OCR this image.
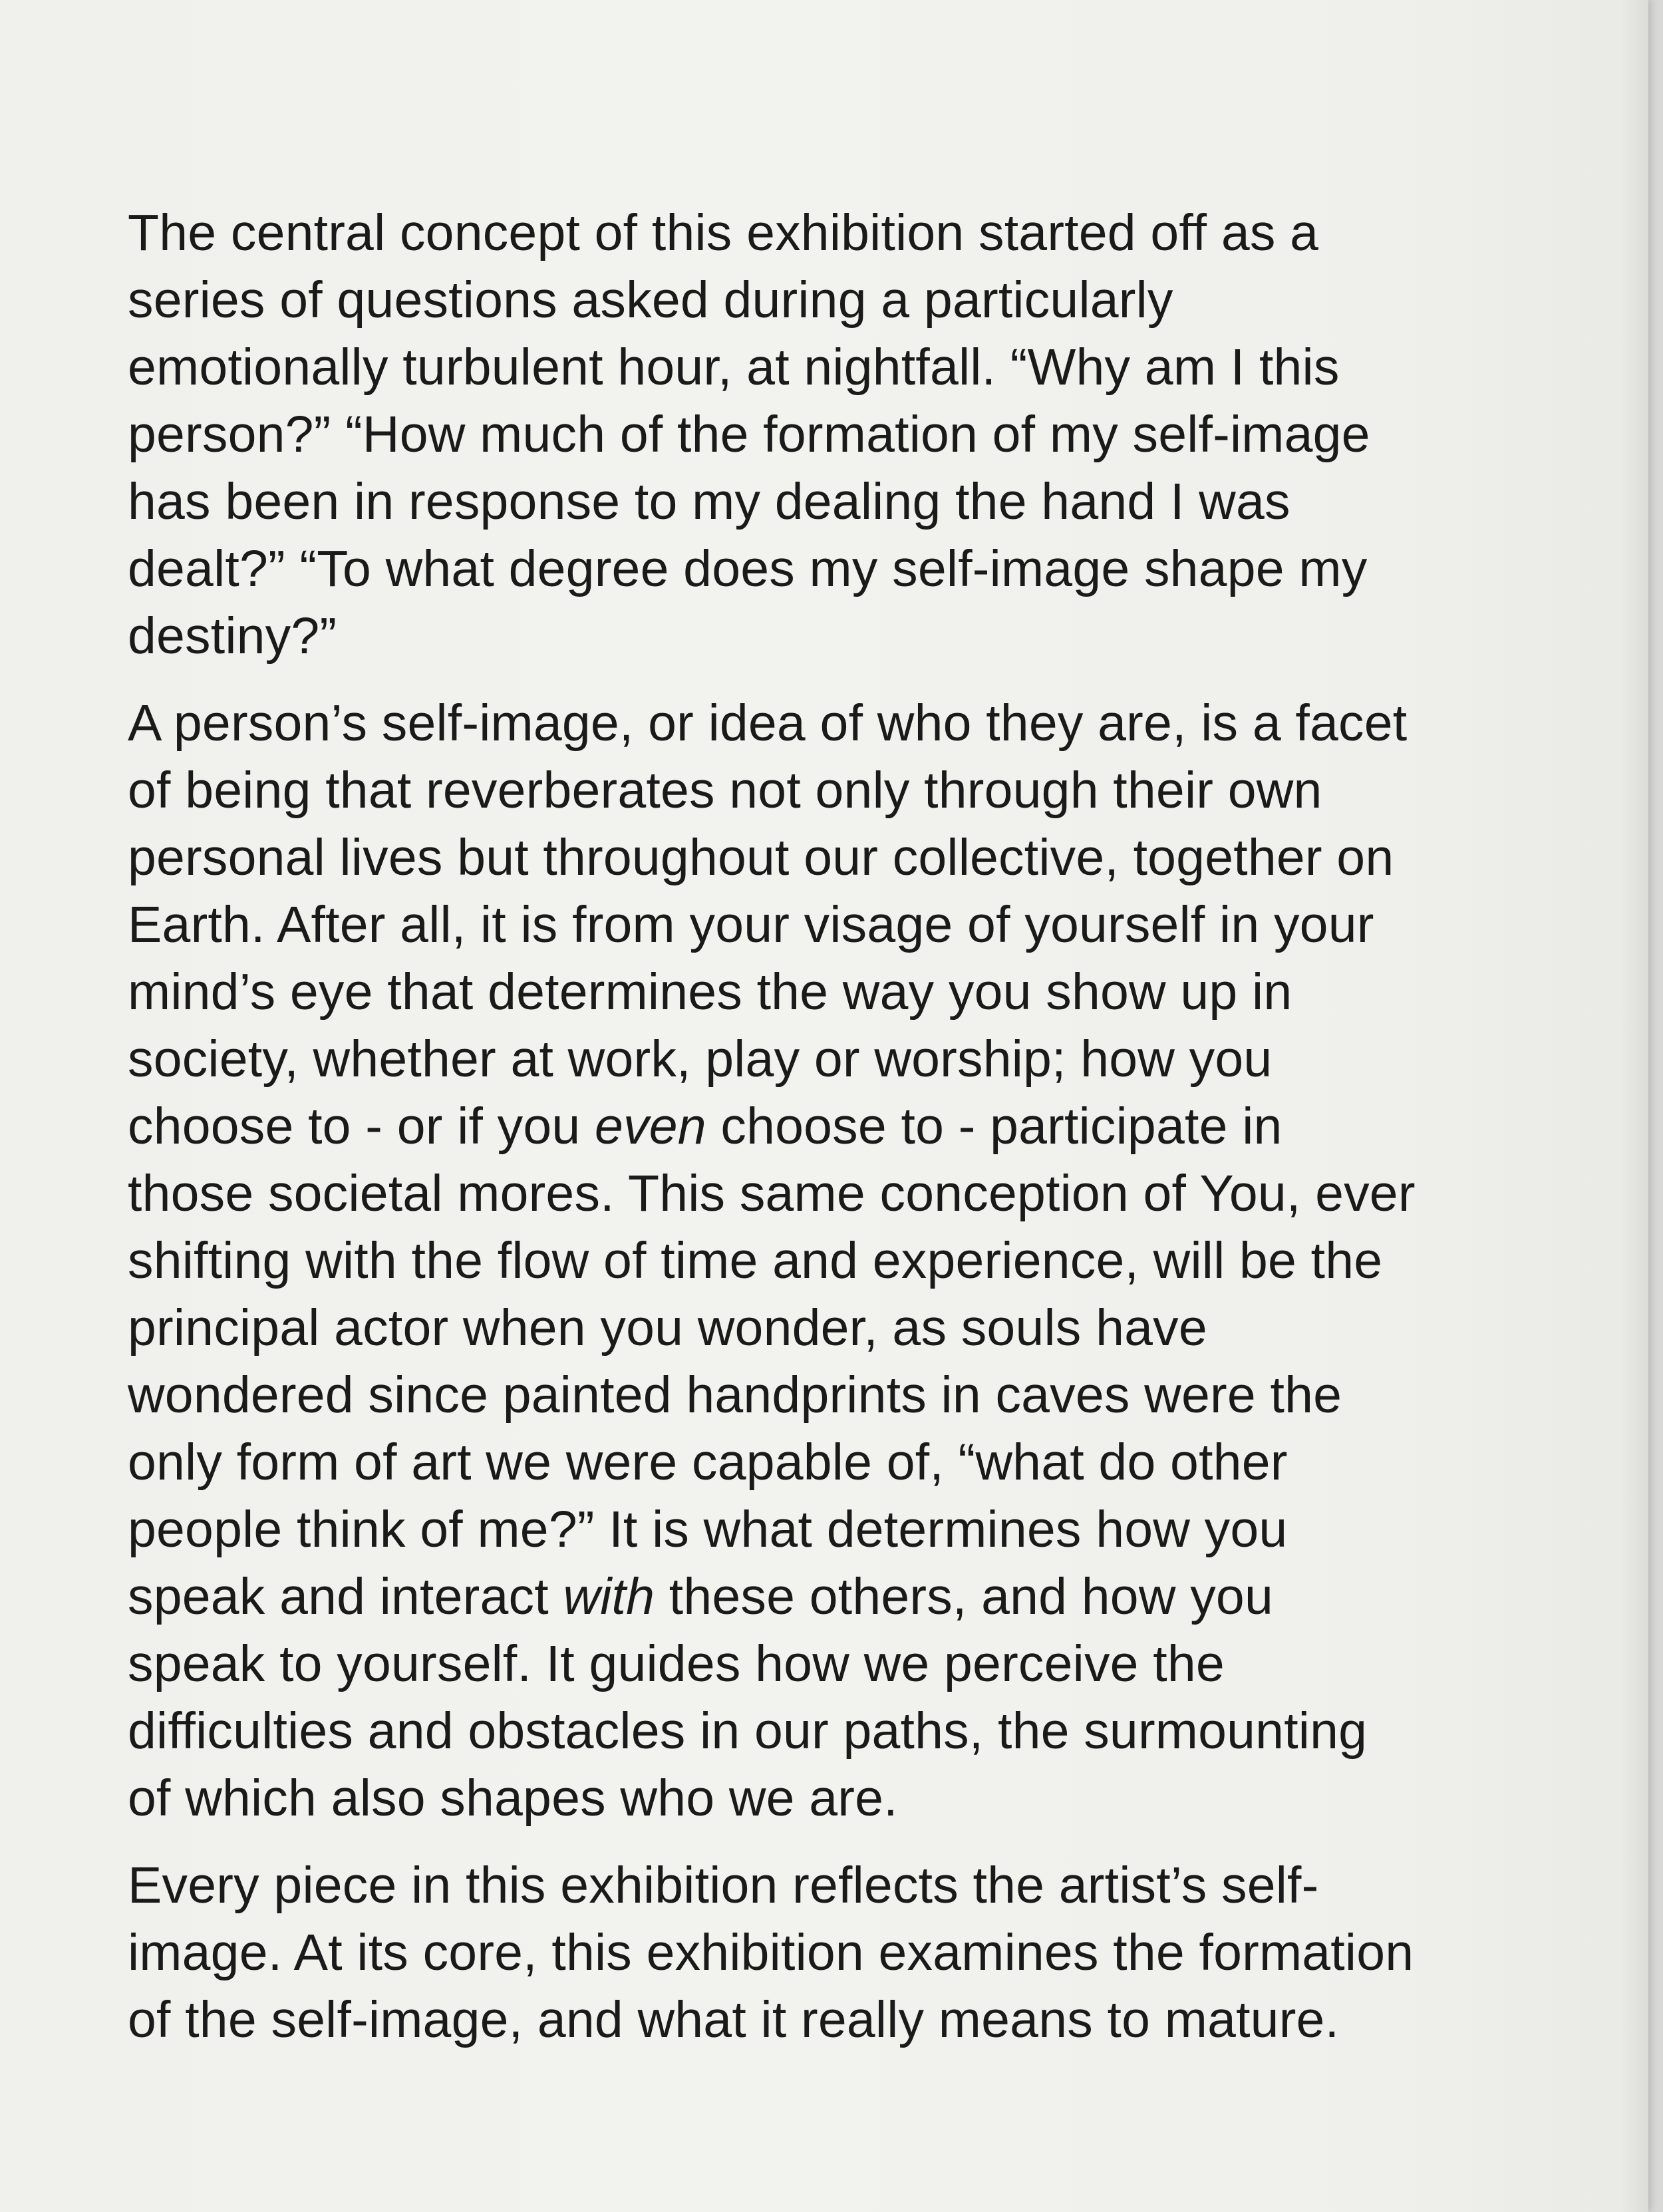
The central concept of this exhibition started off as a
series of questions asked during a particularly
emotionally turbulent hour, at nightfall. “Why am I this
person?” “How much of the formation of my self-image
has been in response to my dealing the hand I was
dealt?” “To what degree does my self-image shape my
destiny?”

A person’s self-image, or idea of who they are, is a facet
of being that reverberates not only through their own
personal lives but throughout our collective, together on
Earth. After all, it is from your visage of yourself in your
mind’s eye that determines the way you show up in
society, whether at work, play or worship; how you
choose to - or if you even choose to - participate in
those societal mores. This same conception of You, ever
shifting with the flow of time and experience, will be the
principal actor when you wonder, as souls have
wondered since painted handprints in caves were the
only form of art we were capable of, “what do other
people think of me?” It is what determines how you
speak and interact with these others, and how you
speak to yourself. It guides how we perceive the
difficulties and obstacles in our paths, the surmounting
of which also shapes who we are.

Every piece in this exhibition reflects the artist’s self-
image. At its core, this exhibition examines the formation
of the self-image, and what it really means to mature.
